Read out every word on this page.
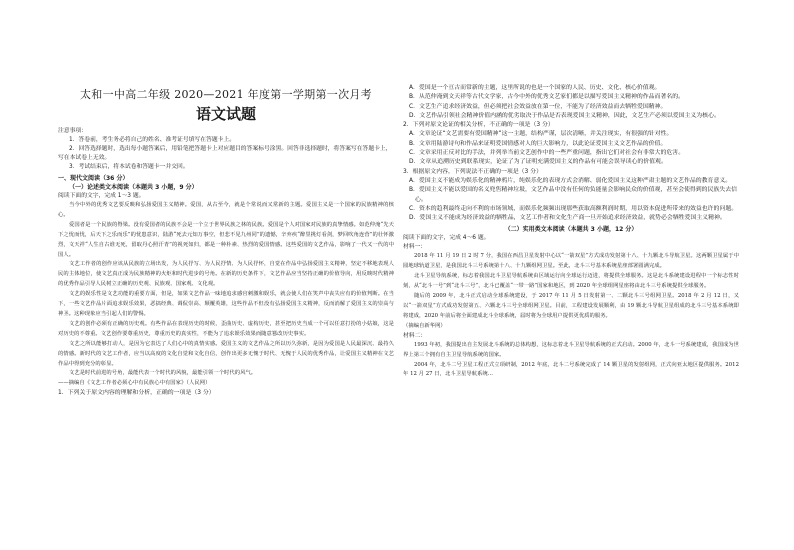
太和一中高二年级 2020—2021 年度第一学期第一次月考
语文试题
注意事项：
1．答卷前，考生务必将自己的姓名、准考证号填写在答题卡上。
2．回答选择题时，选出每小题答案后，用铅笔把答题卡上对应题目的答案标号涂黑。回答非选择题时，将答案写在答题卡上，写在本试卷上无效。
3．考试结束后，将本试卷和答题卡一并交回。
一、现代文阅读（36 分）
（一）论述类文本阅读（本题共 3 小题，9 分）
阅读下面的文字，完成 1～3 题。

当今中外的优秀文艺要反映和弘扬爱国主义精神。爱国，从古至今，就是个常说而又常新的主题。爱国主义是一个国家的民族精神的核心。

爱国者是一个民族的脊梁。没有爱国者的民族不会是一个立于世界民族之林的民族。爱国是个人对国家对民族的真挚情感。如范仲淹“先天下之忧而忧，后天下之乐而乐”的忧患意识，陆游“死去元知万事空，但悲不见九州同”的遗憾，辛弃疾“醉里挑灯看剑，梦回吹角连营”的壮怀激烈，文天祥“人生自古谁无死，留取丹心照汗青”的视死如归，都是一种朴素、热烈的爱国情感。这些爱国的文艺作品，影响了一代又一代的中国人。

文艺工作者的创作应该从民族的立场出发，为人民抒写、为人民抒情、为人民抒怀，自觉在作品中弘扬爱国主义精神，坚定不移地表现人民的主体地位，使文艺真正成为民族精神的火炬和时代进步的号角。在新的历史条件下，文艺作品应当坚持正确的价值导向，用反映时代精神的优秀作品引导人民树立正确的历史观、民族观、国家观、文化观。

文艺的娱乐性是文艺功能的重要方面，但是，如果文艺作品一味地追求感官刺激和娱乐，就会使人们在笑声中丧失应有的价值判断。在当下，一些文艺作品片面追求娱乐效果，恶搞经典、调侃崇高、颠覆英雄，这些作品不但没有弘扬爱国主义精神，反而消解了爱国主义的崇高与神圣。这种现象应当引起人们的警惕。

文艺的创作必须有正确的历史观。有些作品在表现历史的时候，歪曲历史、虚构历史，甚至把历史当成一个可以任意打扮的小姑娘，这是对历史的不尊重。文艺创作要尊重历史，尊重历史的真实性，不能为了追求娱乐效果而随意篡改历史事实。

文艺之所以能够打动人，是因为它表达了人们心中的真情实感。爱国主义的文艺作品之所以历久弥新，是因为爱国是人民最深沉、最持久的情感。新时代的文艺工作者，应当以高度的文化自觉和文化自信，创作出更多无愧于时代、无愧于人民的优秀作品，让爱国主义精神在文艺作品中得到充分的彰显。

文艺是时代前进的号角，最能代表一个时代的风貌，最能引领一个时代的风气。

——摘编自《文艺工作者必须心中有民族心中有国家》（人民网）

1．下列关于原文内容的理解和分析，正确的一项是（3 分）

A．爱国是一个亘古而常新的主题，这里所说的也是一个国家的人民、历史、文化、核心价值观。

B．从范仲淹到文天祥等古代文学家，古今中外的优秀文艺家们都是以描写爱国主义精神的作品而著名的。

C．文艺生产追求经济效益，但必须把社会效益放在第一位，不能为了经济效益而去牺牲爱国精神。

D．文艺作品引领社会精神价值内涵的优劣取决于作品是否表现爱国主义精神，因此，文艺生产必须以爱国主义为核心。

2．下列对原文论证的相关分析，不正确的一项是（3 分）

A．文章论证“文艺需要有爱国精神”这一主题，结构严谨，层次清晰，并关注现实，有很强的针对性。

B．文章用陆游诗句和作品来证明爱国情感对人的巨大影响力，以此论证爱国主义文艺作品的价值。

C．文章采用正反对比的手法，并列举当前文艺创作中的一些严重问题，指出它们对社会有非常大的危害。

D．文章从追溯历史到联系现实，论证了为了证明充满爱国主义的作品有可能会误导读心的价值观。

3．根据原文内容，下列说法不正确的一项是（3 分）

A．爱国主义不能成为娱乐化的精神鸦片，纯娱乐化的表现方式会消解、弱化爱国主义这种严肃主题的文艺作品的教育意义。

B．爱国主义不能以爱国的名义兜售精神垃圾，文艺作品中没有任何的负能量会影响民众的价值观，甚至会使得到的民族失去信心。

C．资本的趋利最终走向不利的市场领域，而娱乐化频频出现那些获取高额利润时期，用以资本促进所带来的效益也许的问题。

D．爱国主义不能成为经济效益的牺牲品，文艺工作者和文化生产商一旦开始追求经济效益，就势必会牺牲爱国主义精神。

（二）实用类文本阅读（本题共 3 小题，12 分）
阅读下面的文字，完成 4～6 题。
材料一：

2018 年 11 月 19 日 2 时 7 分，我国在西昌卫星发射中心以“一箭双星”方式成功发射第十八、十九颗北斗导航卫星。这两颗卫星属于中圆地球轨道卫星，是我国北斗三号系统第十八、十九颗组网卫星。至此，北斗三号基本系统星座部署圆满完成。

北斗卫星导航系统，标志着我国北斗卫星导航系统由区域运行向全球运行迈进，将提供全球服务。这是北斗系统建设进程中一个标志性时刻，从“北斗一号”到“北斗三号”，北斗已覆盖“一带一路”国家和地区，到 2020 年全球组网星座将由北斗三号系统提供全球服务。

随后的 2009 年，北斗正式启动全球系统建设，于 2017 年 11 月 5 日发射第一、二颗北斗三号组网卫星。2018 年 2 月 12 日，又以“一箭双星”方式成功发射第五、六颗北斗三号全球组网卫星。目前，工程建设发展顺利，由 19 颗北斗导航卫星组成的北斗三号基本系统即将建成，2020 年前后将全面建成北斗全球系统，届时将为全球用户提供更优质的服务。

（摘编自新华网）

材料二：

1993 年初，我国提出自主发展北斗系统的总体构想，这标志着北斗卫星导航系统的正式启动。2000 年，北斗一号系统建成，我国成为世界上第三个拥有自主卫星导航系统的国家。

2004 年，北斗二号卫星工程正式立项研制，2012 年底，北斗二号系统完成了 14 颗卫星的发射组网，正式向亚太地区提供服务。2012 年 12 月 27 日，北斗卫星导航系统...
